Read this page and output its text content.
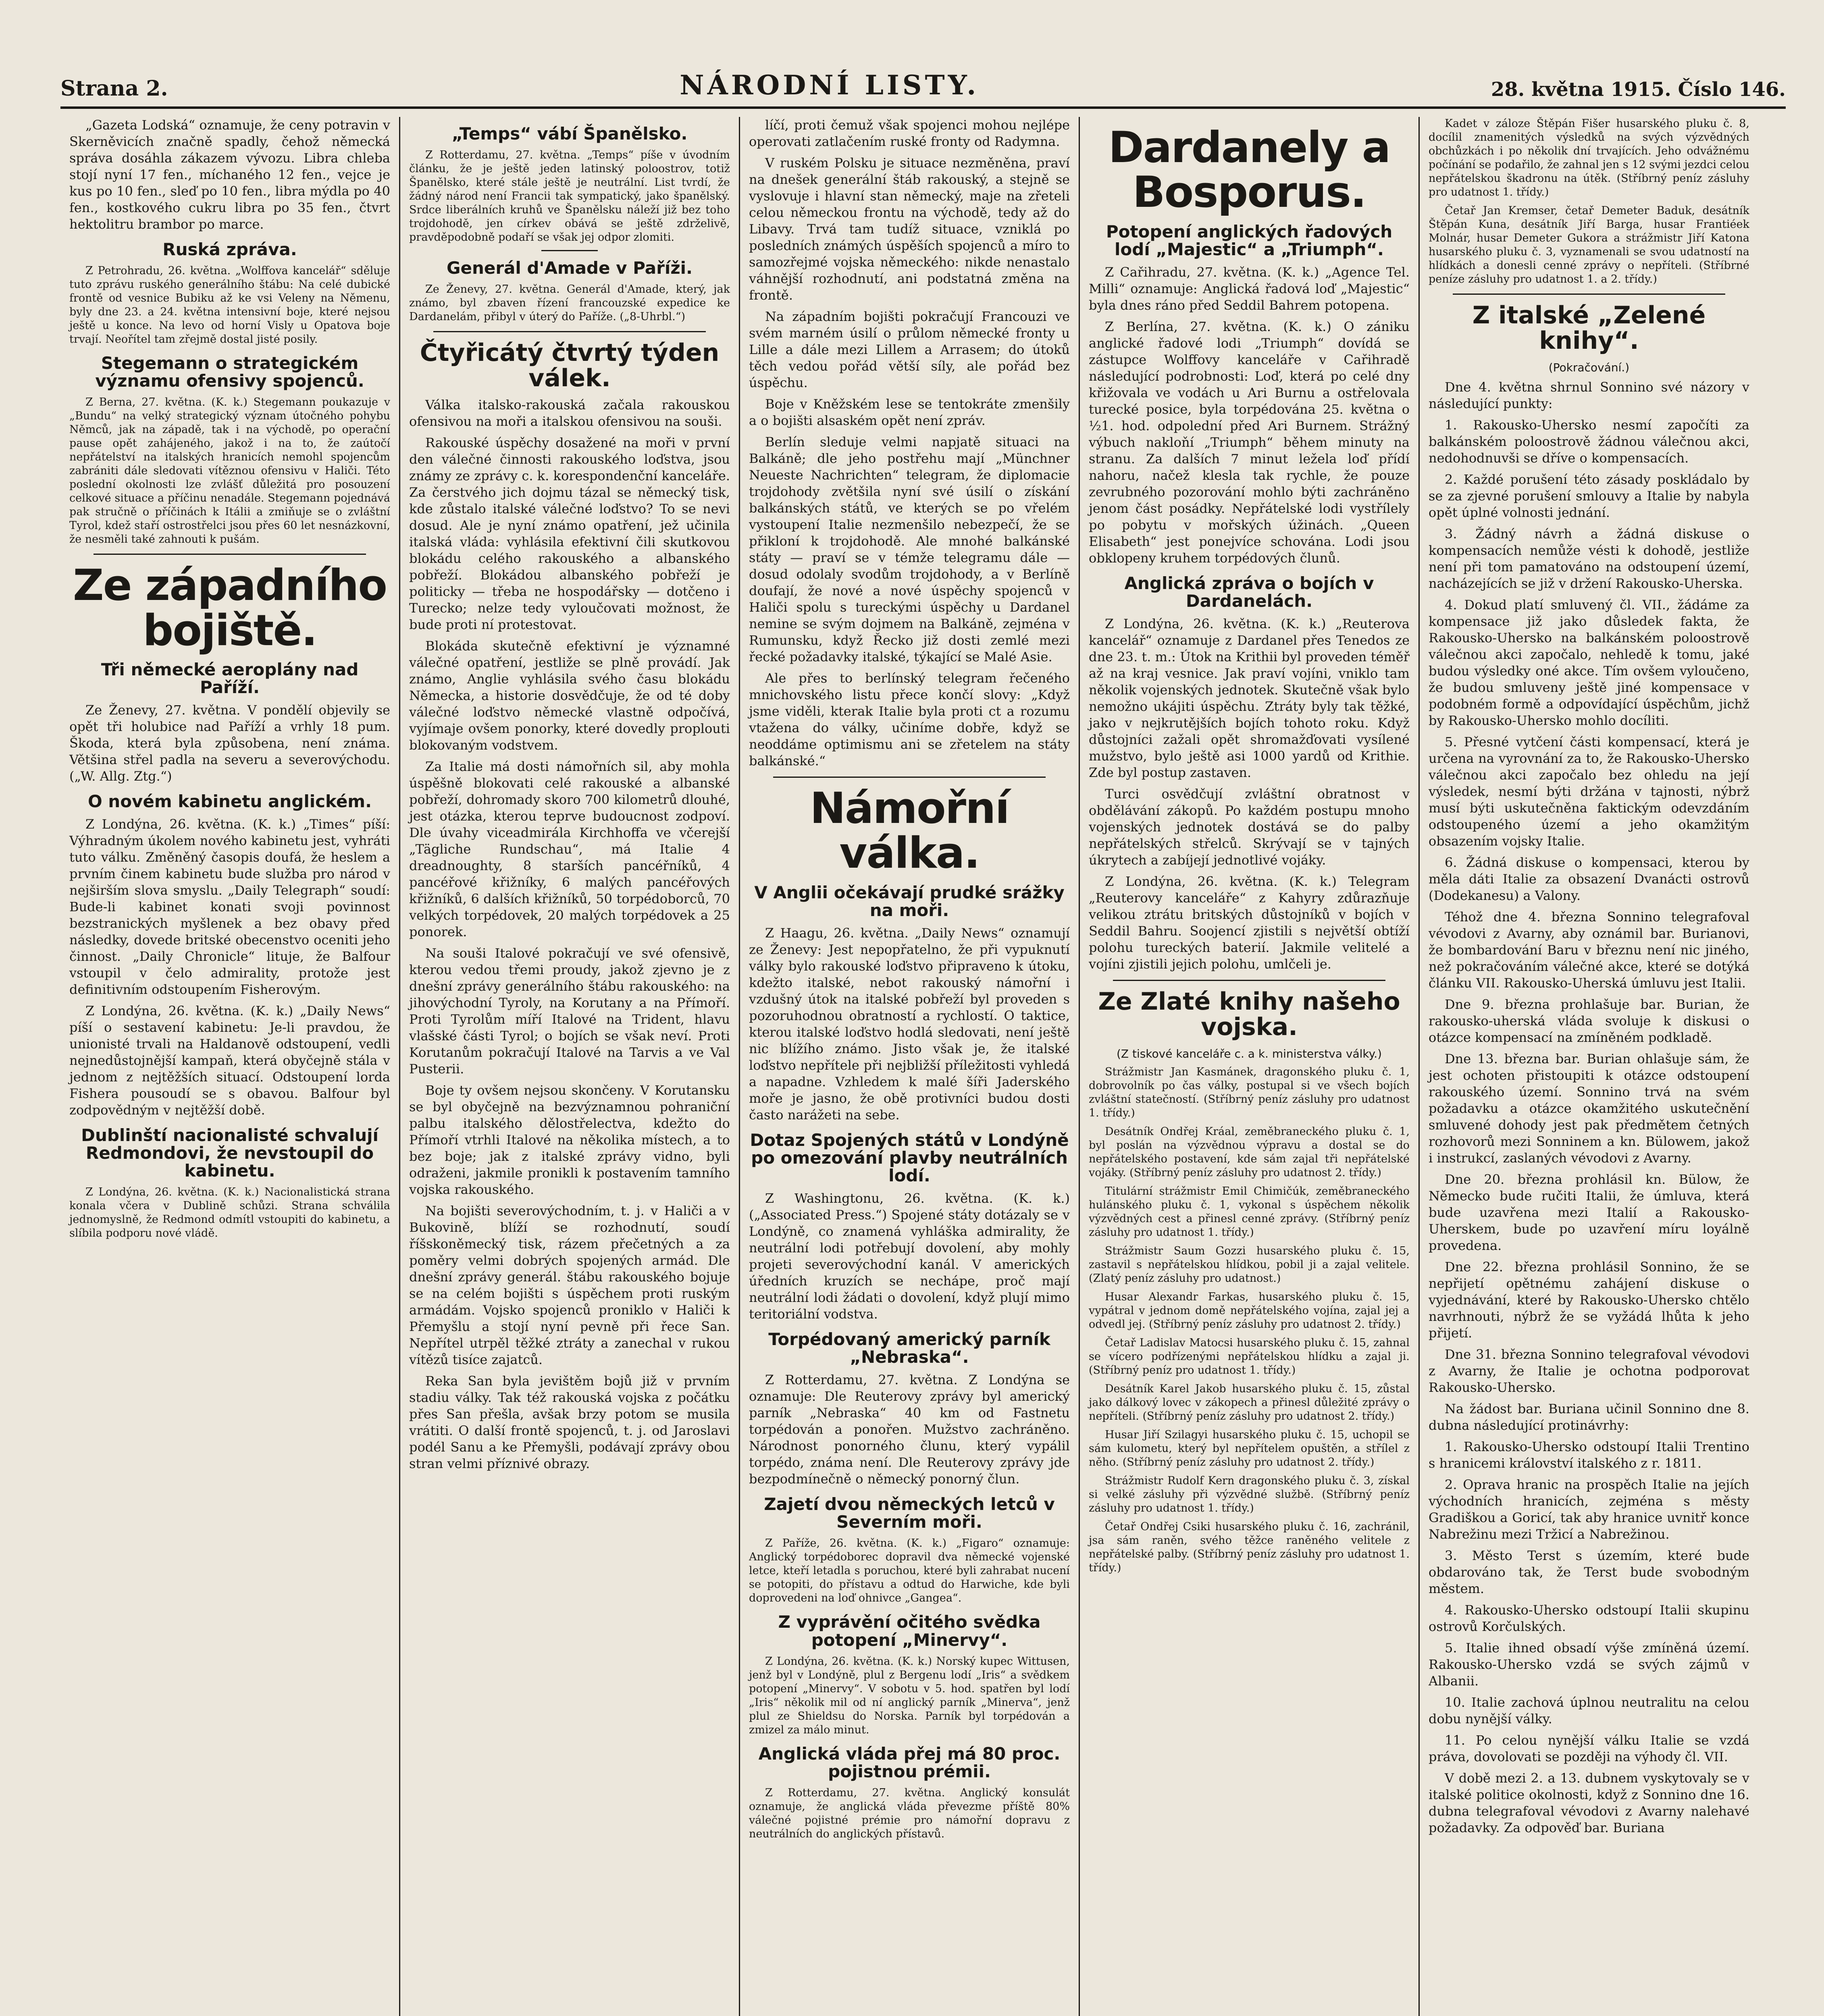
Strana 2.	NÁRODNÍ LISTY.	28. května 1915. Číslo 146.

„Gazeta Lodská“ oznamuje, že ceny potravin v Skerněvicích značně spadly, čehož německá správa dosáhla zákazem vývozu. Libra chleba stojí nyní 17 fen., míchaného 12 fen., vejce je kus po 10 fen., sleď po 10 fen., libra mýdla po 40 fen., kostkového cukru libra po 35 fen., čtvrt hektolitru brambor po marce.

Ruská zpráva.

Z Petrohradu, 26. května. „Wolffova kancelář“ sděluje tuto zprávu ruského generálního štábu: Na celé dubické frontě od vesnice Bubiku až ke vsi Veleny na Němenu, byly dne 23. a 24. května intensivní boje, které nejsou ještě u konce. Na levo od horní Visly u Opatova boje trvají. Neořítel tam zřejmě dostal jisté posily.

Stegemann o strategickém významu ofensivy spojenců.

Z Berna, 27. května. (K. k.) Stegemann poukazuje v „Bundu“ na velký strategický význam útočného pohybu Němců, jak na západě, tak i na východě, po operační pause opět zahájeného, jakož i na to, že zaútočí nepřátelství na italských hranicích nemohl spojencům zabrániti dále sledovati vítěznou ofensivu v Haliči. Této poslední okolnosti lze zvlášť důležitá pro posouzení celkové situace a příčinu nenadále. Stegemann pojednává pak stručně o příčinách k Itálii a zmiňuje se o zvláštní Tyrol, kdež staří ostrostřelci jsou přes 60 let nesnázkovní, že nesměli také zahnouti k pušám.

Ze západního bojiště.
Tři německé aeroplány nad Paříží.

Ze Ženevy, 27. května. V pondělí objevily se opět tři holubice nad Paříží a vrhly 18 pum. Škoda, která byla způsobena, není známa. Většina střel padla na severu a severovýchodu. („W. Allg. Ztg.“)

O novém kabinetu anglickém.

Z Londýna, 26. května. (K. k.) „Times“ píší: Výhradným úkolem nového kabinetu jest, vyhráti tuto válku. Změněný časopis doufá, že heslem a prvním činem kabinetu bude služba pro národ v nejširším slova smyslu. „Daily Telegraph“ soudí: Bude-li kabinet konati svoji povinnost bezstranických myšlenek a bez obavy před následky, dovede britské obecenstvo oceniti jeho činnost. „Daily Chronicle“ lituje, že Balfour vstoupil v čelo admirality, protože jest definitivním odstoupením Fisherovým.

Z Londýna, 26. května. (K. k.) „Daily News“ píší o sestavení kabinetu: Je-li pravdou, že unionisté trvali na Haldanově odstoupení, vedli nejnedůstojnější kampaň, která obyčejně stála v jednom z nejtěžších situací. Odstoupení lorda Fishera pousoudí se s obavou. Balfour byl zodpovědným v nejtěžší době.

Dublinští nacionalisté schvalují Redmondovi, že nevstoupil do kabinetu.

Z Londýna, 26. května. (K. k.) Nacionalistická strana konala včera v Dublině schůzi. Strana schválila jednomyslně, že Redmond odmítl vstoupiti do kabinetu, a slíbila podporu nové vládě.

„Temps“ vábí Španělsko.

Z Rotterdamu, 27. května. „Temps“ píše v úvodním článku, že je ještě jeden latinský poloostrov, totiž Španělsko, které stále ještě je neutrální. List tvrdí, že žádný národ není Francii tak sympatický, jako španělský. Srdce liberálních kruhů ve Španělsku náleží již bez toho trojdohodě, jen církev obává se ještě zdrželivě, pravděpodobně podaří se však jej odpor zlomiti.

Generál d'Amade v Paříži.

Ze Ženevy, 27. května. Generál d'Amade, který, jak známo, byl zbaven řízení francouzské expedice ke Dardanelám, přibyl v úterý do Paříže. („8-Uhrbl.“)

Čtyřicátý čtvrtý týden válek.

Válka italsko-rakouská začala rakouskou ofensivou na moři a italskou ofensivou na souši.

Rakouské úspěchy dosažené na moři v první den válečné činnosti rakouského loďstva, jsou známy ze zprávy c. k. korespondenční kanceláře. Za čerstvého jich dojmu tázal se německý tisk, kde zůstalo italské válečné loďstvo? To se nevi dosud. Ale je nyní známo opatření, jež učinila italská vláda: vyhlásila efektivní čili skutkovou blokádu celého rakouského a albanského pobřeží. Blokádou albanského pobřeží je politicky — třeba ne hospodářsky — dotčeno i Turecko; nelze tedy vyloučovati možnost, že bude proti ní protestovat.

Blokáda skutečně efektivní je významné válečné opatření, jestliže se plně provádí. Jak známo, Anglie vyhlásila svého času blokádu Německa, a historie dosvědčuje, že od té doby válečné loďstvo německé vlastně odpočívá, vyjímaje ovšem ponorky, které dovedly proplouti blokovaným vodstvem.

Za Italie má dosti námořních sil, aby mohla úspěšně blokovati celé rakouské a albanské pobřeží, dohromady skoro 700 kilometrů dlouhé, jest otázka, kterou teprve budoucnost zodpoví. Dle úvahy viceadmirála Kirchhoffa ve včerejší „Tägliche Rundschau“, má Italie 4 dreadnoughty, 8 starších pancéřníků, 4 pancéřové křižníky, 6 malých pancéřových křižníků, 6 dalších křižníků, 50 torpédoborců, 70 velkých torpédovek, 20 malých torpédovek a 25 ponorek.

Na souši Italové pokračují ve své ofensivě, kterou vedou třemi proudy, jakož zjevno je z dnešní zprávy generálního štábu rakouského: na jihovýchodní Tyroly, na Korutany a na Přímoří. Proti Tyrolům míří Italové na Trident, hlavu vlašské části Tyrol; o bojích se však neví. Proti Korutanům pokračují Italové na Tarvis a ve Val Pusterii.

Boje ty ovšem nejsou skončeny. V Korutansku se byl obyčejně na bezvýznamnou pohraniční palbu italského dělostřelectva, kdežto do Přímoří vtrhli Italové na několika místech, a to bez boje; jak z italské zprávy vidno, byli odraženi, jakmile pronikli k postavením tamního vojska rakouského.

Na bojišti severovýchodním, t. j. v Haliči a v Bukovině, blíží se rozhodnutí, soudí říšskoněmecký tisk, rázem přečetných a za poměry velmi dobrých spojených armád. Dle dnešní zprávy generál. štábu rakouského bojuje se na celém bojišti s úspěchem proti ruským armádám. Vojsko spojenců proniklo v Haliči k Přemyšlu a stojí nyní pevně při řece San. Nepřítel utrpěl těžké ztráty a zanechal v rukou vítězů tisíce zajatců.

Reka San byla jevištěm bojů již v prvním stadiu války. Tak též rakouská vojska z počátku přes San přešla, avšak brzy potom se musila vrátiti. O další frontě spojenců, t. j. od Jaroslavi podél Sanu a ke Přemyšli, podávají zprávy obou stran velmi příznivé obrazy.

líčí, proti čemuž však spojenci mohou nejlépe operovati zatlačením ruské fronty od Radymna.

V ruském Polsku je situace nezměněna, praví na dnešek generální štáb rakouský, a stejně se vyslovuje i hlavní stan německý, maje na zřeteli celou německou frontu na východě, tedy až do Libavy. Trvá tam tudíž situace, vzniklá po posledních známých úspěších spojenců a míro to samozřejmé vojska německého: nikde nenastalo váhnější rozhodnutí, ani podstatná změna na frontě.

Na západním bojišti pokračují Francouzi ve svém marném úsilí o průlom německé fronty u Lille a dále mezi Lillem a Arrasem; do útoků těch vedou pořád větší síly, ale pořád bez úspěchu.

Boje v Kněžském lese se tentokráte zmenšily a o bojišti alsaském opět není zpráv.

Berlín sleduje velmi napjatě situaci na Balkáně; dle jeho postřehu mají „Münchner Neueste Nachrichten“ telegram, že diplomacie trojdohody zvětšila nyní své úsilí o získání balkánských států, ve kterých se po vřelém vystoupení Italie nezmenšilo nebezpečí, že se přikloní k trojdohodě. Ale mnohé balkánské státy — praví se v témže telegramu dále — dosud odolaly svodům trojdohody, a v Berlíně doufají, že nové a nové úspěchy spojenců v Haliči spolu s tureckými úspěchy u Dardanel nemine se svým dojmem na Balkáně, zejména v Rumunsku, když Řecko již dosti zemlé mezi řecké požadavky italské, týkající se Malé Asie.

Ale přes to berlínský telegram řečeného mnichovského listu přece končí slovy: „Když jsme viděli, kterak Italie byla proti ct a rozumu vtažena do války, učiníme dobře, když se neoddáme optimismu ani se zřetelem na státy balkánské.“

Námořní válka.
V Anglii očekávají prudké srážky na moři.

Z Haagu, 26. května. „Daily News“ oznamují ze Ženevy: Jest nepopřatelno, že při vypuknutí války bylo rakouské loďstvo připraveno k útoku, kdežto italské, nebot rakouský námořní i vzdušný útok na italské pobřeží byl proveden s pozoruhodnou obratností a rychlostí. O taktice, kterou italské loďstvo hodlá sledovati, není ještě nic blížího známo. Jisto však je, že italské loďstvo nepřítele při nejbližší příležitosti vyhledá a napadne. Vzhledem k malé šíři Jaderského moře je jasno, že obě protivníci budou dosti často narážeti na sebe.

Dotaz Spojených států v Londýně po omezování plavby neutrálních lodí.

Z Washingtonu, 26. května. (K. k.) („Associated Press.“) Spojené státy dotázaly se v Londýně, co znamená vyhláška admirality, že neutrální lodi potřebují dovolení, aby mohly projeti severovýchodní kanál. V amerických úředních kruzích se nechápe, proč mají neutrální lodi žádati o dovolení, když plují mimo teritoriální vodstva.

Torpédovaný americký parník „Nebraska“.

Z Rotterdamu, 27. května. Z Londýna se oznamuje: Dle Reuterovy zprávy byl americký parník „Nebraska“ 40 km od Fastnetu torpédován a ponořen. Mužstvo zachráněno. Národnost ponorného člunu, který vypálil torpédo, známa není. Dle Reuterovy zprávy jde bezpodmínečně o německý ponorný člun.

Zajetí dvou německých letců v Severním moři.

Z Paříže, 26. května. (K. k.) „Figaro“ oznamuje: Anglický torpédoborec dopravil dva německé vojenské letce, kteří letadla s poruchou, které byli zahrabat nucení se potopiti, do přístavu a odtud do Harwiche, kde byli doprovedeni na loď ohnivce „Gangea“.

Z vyprávění očitého svědka potopení „Minervy“.

Z Londýna, 26. května. (K. k.) Norský kupec Wittusen, jenž byl v Londýně, plul z Bergenu lodí „Iris“ a svědkem potopení „Minervy“. V sobotu v 5. hod. spatřen byl lodí „Iris“ několik mil od ní anglický parník „Minerva“, jenž plul ze Shieldsu do Norska. Parník byl torpédován a zmizel za málo minut.

Anglická vláda přej má 80 proc. pojistnou prémii.

Z Rotterdamu, 27. května. Anglický konsulát oznamuje, že anglická vláda převezme příště 80% válečné pojistné prémie pro námořní dopravu z neutrálních do anglických přístavů.

Dardanely a Bosporus.
Potopení anglických řadových lodí „Majestic“ a „Triumph“.

Z Cařihradu, 27. května. (K. k.) „Agence Tel. Milli“ oznamuje: Anglická řadová loď „Majestic“ byla dnes ráno před Seddil Bahrem potopena.

Z Berlína, 27. května. (K. k.) O zániku anglické řadové lodi „Triumph“ dovídá se zástupce Wolffovy kanceláře v Cařihradě následující podrobnosti: Loď, která po celé dny křižovala ve vodách u Ari Burnu a ostřelovala turecké posice, byla torpédována 25. května o ½1. hod. odpolední před Ari Burnem. Strážný výbuch nakloňí „Triumph“ během minuty na stranu. Za dalších 7 minut ležela loď přídí nahoru, načež klesla tak rychle, že pouze zevrubného pozorování mohlo býti zachráněno jenom část posádky. Nepřátelské lodi vystřílely po pobytu v mořských úžinách. „Queen Elisabeth“ jest ponejvíce schována. Lodi jsou obklopeny kruhem torpédových člunů.

Anglická zpráva o bojích v Dardanelách.

Z Londýna, 26. května. (K. k.) „Reuterova kancelář“ oznamuje z Dardanel přes Tenedos ze dne 23. t. m.: Útok na Krithii byl proveden téměř až na kraj vesnice. Jak praví vojíni, vniklo tam několik vojenských jednotek. Skutečně však bylo nemožno ukájiti úspěchu. Ztráty byly tak těžké, jako v nejkrutějších bojích tohoto roku. Když důstojníci zažali opět shromažďovati vysílené mužstvo, bylo ještě asi 1000 yardů od Krithie. Zde byl postup zastaven.

Turci osvědčují zvláštní obratnost v obdělávání zákopů. Po každém postupu mnoho vojenských jednotek dostává se do palby nepřátelských střelců. Skrývají se v tajných úkrytech a zabíjejí jednotlivé vojáky.

Z Londýna, 26. května. (K. k.) Telegram „Reuterovy kanceláře“ z Kahyry zdůrazňuje velikou ztrátu britských důstojníků v bojích v Seddil Bahru. Soojencí zjistili s největší obtíží polohu tureckých baterií. Jakmile velitelé a vojíni zjistili jejich polohu, umlčeli je.

Ze Zlaté knihy našeho vojska.
(Z tiskové kanceláře c. a k. ministerstva války.)

Strážmistr Jan Kasmánek, dragonského pluku č. 1, dobrovolník po čas války, postupal si ve všech bojích zvláštní statečností. (Stříbrný peníz zásluhy pro udatnost 1. třídy.)

Desátník Ondřej Kráal, zeměbraneckého pluku č. 1, byl poslán na výzvědnou výpravu a dostal se do nepřátelského postavení, kde sám zajal tři nepřátelské vojáky. (Stříbrný peníz zásluhy pro udatnost 2. třídy.)

Titulární strážmistr Emil Chimičúk, zeměbraneckého hulánského pluku č. 1, vykonal s úspěchem několik výzvědných cest a přinesl cenné zprávy. (Stříbrný peníz zásluhy pro udatnost 1. třídy.)

Strážmistr Saum Gozzi husarského pluku č. 15, zastavil s nepřátelskou hlídkou, pobil ji a zajal velitele. (Zlatý peníz zásluhy pro udatnost.)

Husar Alexandr Farkas, husarského pluku č. 15, vypátral v jednom domě nepřátelského vojína, zajal jej a odvedl jej. (Stříbrný peníz zásluhy pro udatnost 2. třídy.)

Četař Ladislav Matocsi husarského pluku č. 15, zahnal se vícero podřízenými nepřátelskou hlídku a zajal ji. (Stříbrný peníz pro udatnost 1. třídy.)

Desátník Karel Jakob husarského pluku č. 15, zůstal jako dálkový lovec v zákopech a přinesl důležité zprávy o nepříteli. (Stříbrný peníz zásluhy pro udatnost 2. třídy.)

Husar Jiří Szilagyi husarského pluku č. 15, uchopil se sám kulometu, který byl nepřítelem opuštěn, a střílel z něho. (Stříbrný peníz zásluhy pro udatnost 2. třídy.)

Strážmistr Rudolf Kern dragonského pluku č. 3, získal si velké zásluhy při výzvědné službě. (Stříbrný peníz zásluhy pro udatnost 1. třídy.)

Četař Ondřej Csiki husarského pluku č. 16, zachránil, jsa sám raněn, svého těžce raněného velitele z nepřátelské palby. (Stříbrný peníz zásluhy pro udatnost 1. třídy.)

Kadet v záloze Štěpán Fišer husarského pluku č. 8, docílil znamenitých výsledků na svých výzvědných obchůzkách i po několik dní trvajících. Jeho odvážnému počínání se podařilo, že zahnal jen s 12 svými jezdci celou nepřátelskou škadronu na útěk. (Stříbrný peníz zásluhy pro udatnost 1. třídy.)

Četař Jan Kremser, četař Demeter Baduk, desátník Štěpán Kuna, desátník Jiří Barga, husar Frantiéek Molnár, husar Demeter Gukora a strážmistr Jiří Katona husarského pluku č. 3, vyznamenali se svou udatností na hlídkách a donesli cenné zprávy o nepříteli. (Stříbrné peníze zásluhy pro udatnost 1. a 2. třídy.)

Z italské „Zelené knihy“.
(Pokračování.)

Dne 4. května shrnul Sonnino své názory v následující punkty:

1. Rakousko-Uhersko nesmí započíti za balkánském poloostrově žádnou válečnou akci, nedohodnuvši se dříve o kompensacích.

2. Každé porušení této zásady poskládalo by se za zjevné porušení smlouvy a Italie by nabyla opět úplné volnosti jednání.

3. Žádný návrh a žádná diskuse o kompensacích nemůže vésti k dohodě, jestliže není při tom pamatováno na odstoupení území, nacházejících se již v držení Rakousko-Uherska.

4. Dokud platí smluvený čl. VII., žádáme za kompensace již jako důsledek fakta, že Rakousko-Uhersko na balkánském poloostrově válečnou akci započalo, nehledě k tomu, jaké budou výsledky oné akce. Tím ovšem vyloučeno, že budou smluveny ještě jiné kompensace v podobném formě a odpovídající úspěchům, jichž by Rakousko-Uhersko mohlo docíliti.

5. Přesné vytčení části kompensací, která je určena na vyrovnání za to, že Rakousko-Uhersko válečnou akci započalo bez ohledu na její výsledek, nesmí býti držána v tajnosti, nýbrž musí býti uskutečněna faktickým odevzdáním odstoupeného území a jeho okamžitým obsazením vojsky Italie.

6. Žádná diskuse o kompensaci, kterou by měla dáti Italie za obsazení Dvanácti ostrovů (Dodekanesu) a Valony.

Téhož dne 4. března Sonnino telegrafoval vévodovi z Avarny, aby oznámil bar. Burianovi, že bombardování Baru v březnu není nic jiného, než pokračováním válečné akce, které se dotýká článku VII. Rakousko-Uherská úmluvu jest Italii.

Dne 9. března prohlašuje bar. Burian, že rakousko-uherská vláda svoluje k diskusi o otázce kompensací na zmíněném podkladě.

Dne 13. března bar. Burian ohlašuje sám, že jest ochoten přistoupiti k otázce odstoupení rakouského území. Sonnino trvá na svém požadavku a otázce okamžitého uskutečnění smluvené dohody jest pak předmětem četných rozhovorů mezi Sonninem a kn. Bülowem, jakož i instrukcí, zaslaných vévodovi z Avarny.

Dne 20. března prohlásil kn. Bülow, že Německo bude ručiti Italii, že úmluva, která bude uzavřena mezi Italií a Rakousko-Uherskem, bude po uzavření míru loyálně provedena.

Dne 22. března prohlásil Sonnino, že se nepřijetí opětnému zahájení diskuse o vyjednávání, které by Rakousko-Uhersko chtělo navrhnouti, nýbrž že se vyžádá lhůta k jeho přijetí.

Dne 31. března Sonnino telegrafoval vévodovi z Avarny, že Italie je ochotna podporovat Rakousko-Uhersko.

Na žádost bar. Buriana učinil Sonnino dne 8. dubna následující protinávrhy:

1. Rakousko-Uhersko odstoupí Italii Trentino s hranicemi království italského z r. 1811.

2. Oprava hranic na prospěch Italie na jejích východních hranicích, zejména s městy Gradiškou a Goricí, tak aby hranice uvnitř konce Nabrežinu mezi Tržicí a Nabrežinou.

3. Město Terst s územím, které bude obdarováno tak, že Terst bude svobodným městem.

4. Rakousko-Uhersko odstoupí Italii skupinu ostrovů Korčulských.

5. Italie ihned obsadí výše zmíněná území. Rakousko-Uhersko vzdá se svých zájmů v Albanii.

10. Italie zachová úplnou neutralitu na celou dobu nynější války.

11. Po celou nynější válku Italie se vzdá práva, dovolovati se později na výhody čl. VII.

V době mezi 2. a 13. dubnem vyskytovaly se v italské politice okolnosti, když z Sonnino dne 16. dubna telegrafoval vévodovi z Avarny nalehavé požadavky. Za odpověď bar. Buriana
